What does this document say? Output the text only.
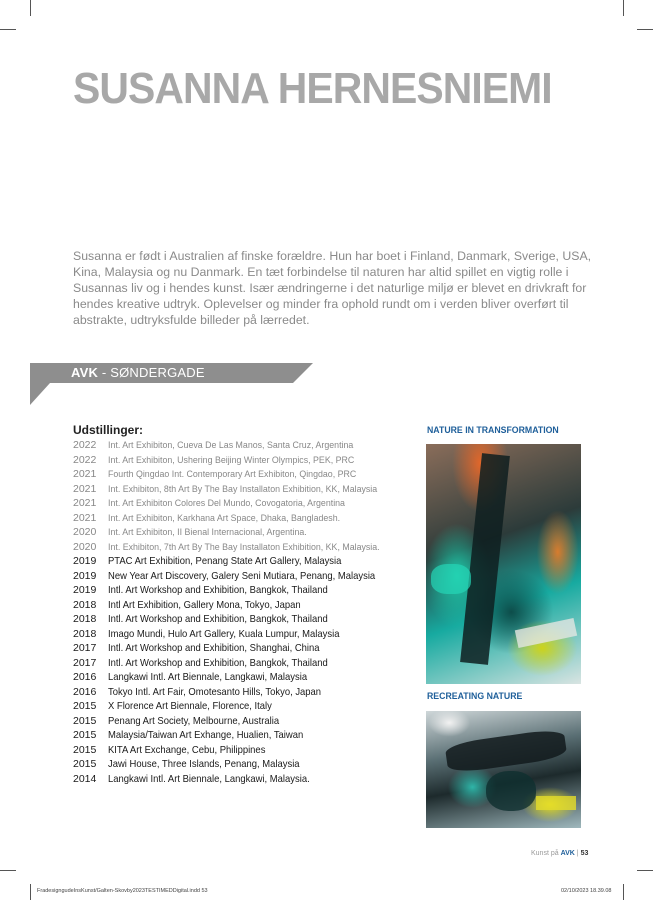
SUSANNA HERNESNIEMI

Susanna er født i Australien af finske forældre. Hun har boet i Finland, Danmark, Sverige, USA, Kina, Malaysia og nu Danmark. En tæt forbindelse til naturen har altid spillet en vigtig rolle i Susannas liv og i hendes kunst. Især ændringerne i det naturlige miljø er blevet en drivkraft for hendes kreative udtryk. Oplevelser og minder fra ophold rundt om i verden bliver overført til abstrakte, udtryksfulde billeder på lærredet.

AVK - SØNDERGADE
Udstillinger:
2022 Int. Art Exhibiton, Cueva De Las Manos, Santa Cruz, Argentina
2022 Int. Art Exhibiton, Ushering Beijing Winter Olympics, PEK, PRC
2021 Fourth Qingdao Int. Contemporary Art Exhibiton, Qingdao, PRC
2021 Int. Exhibiton, 8th Art By The Bay Installaton Exhibition, KK, Malaysia
2021 Int. Art Exhibiton Colores Del Mundo, Covogatoria, Argentina
2021 Int. Art Exhibiton, Karkhana Art Space, Dhaka, Bangladesh.
2020 Int. Art Exhibiton, II Bienal Internacional, Argentina.
2020 Int. Exhibiton, 7th Art By The Bay Installaton Exhibition, KK, Malaysia.
2019 PTAC Art Exhibition, Penang State Art Gallery, Malaysia
2019 New Year Art Discovery, Galery Seni Mutiara, Penang, Malaysia
2019 Intl. Art Workshop and Exhibition, Bangkok, Thailand
2018 Intl Art Exhibition, Gallery Mona, Tokyo, Japan
2018 Intl. Art Workshop and Exhibition, Bangkok, Thailand
2018 Imago Mundi, Hulo Art Gallery, Kuala Lumpur, Malaysia
2017 Intl. Art Workshop and Exhibition, Shanghai, China
2017 Intl. Art Workshop and Exhibition, Bangkok, Thailand
2016 Langkawi Intl. Art Biennale, Langkawi, Malaysia
2016 Tokyo Intl. Art Fair, Omotesanto Hills, Tokyo, Japan
2015 X Florence Art Biennale, Florence, Italy
2015 Penang Art Society, Melbourne, Australia
2015 Malaysia/Taiwan Art Exhange, Hualien, Taiwan
2015 KITA Art Exchange, Cebu, Philippines
2015 Jawi House, Three Islands, Penang, Malaysia
2014 Langkawi Intl. Art Biennale, Langkawi, Malaysia.

NATURE IN TRANSFORMATION

RECREATING NATURE

Kunst på AVK | 53
FradesigngudeInsKunst/Galten-Skovby2023TESTIMEDDigital.indd 53	02/10/2023 18.39.08
